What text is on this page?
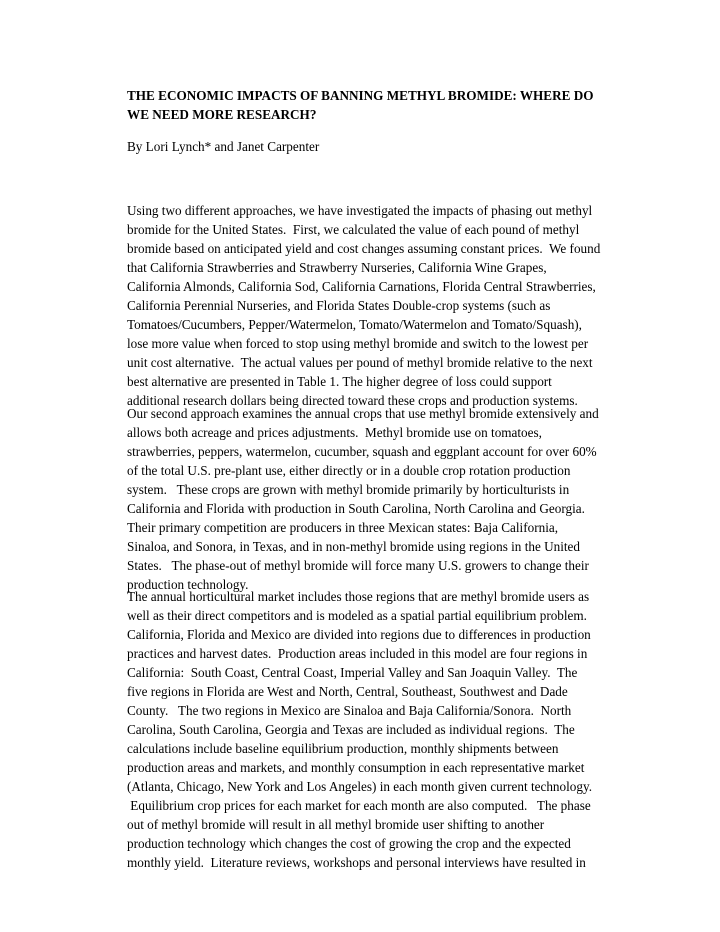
THE ECONOMIC IMPACTS OF BANNING METHYL BROMIDE: WHERE DO
WE NEED MORE RESEARCH?
By Lori Lynch* and Janet Carpenter
Using two different approaches, we have investigated the impacts of phasing out methyl
bromide for the United States.  First, we calculated the value of each pound of methyl
bromide based on anticipated yield and cost changes assuming constant prices.  We found
that California Strawberries and Strawberry Nurseries, California Wine Grapes,
California Almonds, California Sod, California Carnations, Florida Central Strawberries,
California Perennial Nurseries, and Florida States Double-crop systems (such as
Tomatoes/Cucumbers, Pepper/Watermelon, Tomato/Watermelon and Tomato/Squash),
lose more value when forced to stop using methyl bromide and switch to the lowest per
unit cost alternative.  The actual values per pound of methyl bromide relative to the next
best alternative are presented in Table 1. The higher degree of loss could support
additional research dollars being directed toward these crops and production systems.
Our second approach examines the annual crops that use methyl bromide extensively and
allows both acreage and prices adjustments.  Methyl bromide use on tomatoes,
strawberries, peppers, watermelon, cucumber, squash and eggplant account for over 60%
of the total U.S. pre-plant use, either directly or in a double crop rotation production
system.   These crops are grown with methyl bromide primarily by horticulturists in
California and Florida with production in South Carolina, North Carolina and Georgia.
Their primary competition are producers in three Mexican states: Baja California,
Sinaloa, and Sonora, in Texas, and in non-methyl bromide using regions in the United
States.   The phase-out of methyl bromide will force many U.S. growers to change their
production technology.
The annual horticultural market includes those regions that are methyl bromide users as
well as their direct competitors and is modeled as a spatial partial equilibrium problem.
California, Florida and Mexico are divided into regions due to differences in production
practices and harvest dates.  Production areas included in this model are four regions in
California:  South Coast, Central Coast, Imperial Valley and San Joaquin Valley.  The
five regions in Florida are West and North, Central, Southeast, Southwest and Dade
County.   The two regions in Mexico are Sinaloa and Baja California/Sonora.  North
Carolina, South Carolina, Georgia and Texas are included as individual regions.  The
calculations include baseline equilibrium production, monthly shipments between
production areas and markets, and monthly consumption in each representative market
(Atlanta, Chicago, New York and Los Angeles) in each month given current technology.
Equilibrium crop prices for each market for each month are also computed.   The phase
out of methyl bromide will result in all methyl bromide user shifting to another
production technology which changes the cost of growing the crop and the expected
monthly yield.  Literature reviews, workshops and personal interviews have resulted in
